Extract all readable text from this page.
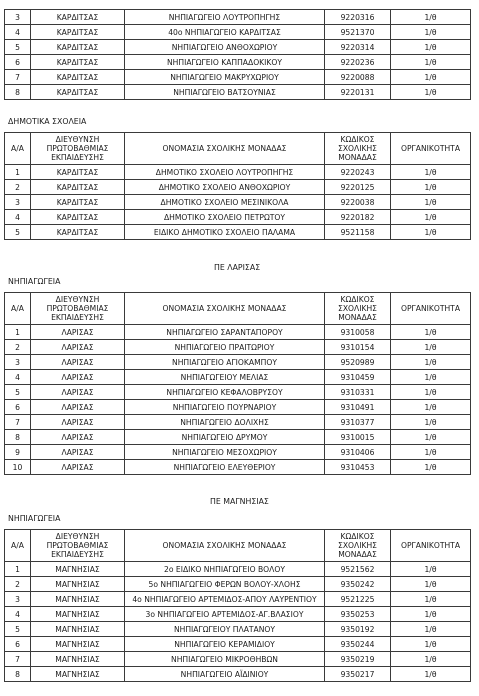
3	ΚΑΡΔΙΤΣΑΣ	ΝΗΠΙΑΓΩΓΕΙΟ ΛΟΥΤΡΟΠΗΓΗΣ	9220316	1/θ
4	ΚΑΡΔΙΤΣΑΣ	40ο ΝΗΠΙΑΓΩΓΕΙΟ ΚΑΡΔΙΤΣΑΣ	9521370	1/θ
5	ΚΑΡΔΙΤΣΑΣ	ΝΗΠΙΑΓΩΓΕΙΟ ΑΝΘΟΧΩΡΙΟΥ	9220314	1/θ
6	ΚΑΡΔΙΤΣΑΣ	ΝΗΠΙΑΓΩΓΕΙΟ ΚΑΠΠΑΔΟΚΙΚΟΥ	9220236	1/θ
7	ΚΑΡΔΙΤΣΑΣ	ΝΗΠΙΑΓΩΓΕΙΟ ΜΑΚΡΥΧΩΡΙΟΥ	9220088	1/θ
8	ΚΑΡΔΙΤΣΑΣ	ΝΗΠΙΑΓΩΓΕΙΟ ΒΑΤΣΟΥΝΙΑΣ	9220131	1/θ
ΔΗΜΟΤΙΚΑ ΣΧΟΛΕΙΑ
Α/Α	ΔΙΕΥΘΥΝΣΗ ΠΡΩΤΟΒΑΘΜΙΑΣ ΕΚΠΑΙΔΕΥΣΗΣ	ΟΝΟΜΑΣΙΑ ΣΧΟΛΙΚΗΣ ΜΟΝΑΔΑΣ	ΚΩΔΙΚΟΣ ΣΧΟΛΙΚΗΣ ΜΟΝΑΔΑΣ	ΟΡΓΑΝΙΚΟΤΗΤΑ
1	ΚΑΡΔΙΤΣΑΣ	ΔΗΜΟΤΙΚΟ ΣΧΟΛΕΙΟ ΛΟΥΤΡΟΠΗΓΗΣ	9220243	1/θ
2	ΚΑΡΔΙΤΣΑΣ	ΔΗΜΟΤΙΚΟ ΣΧΟΛΕΙΟ ΑΝΘΟΧΩΡΙΟΥ	9220125	1/θ
3	ΚΑΡΔΙΤΣΑΣ	ΔΗΜΟΤΙΚΟ ΣΧΟΛΕΙΟ ΜΕΣΙΝΙΚΟΛΑ	9220038	1/θ
4	ΚΑΡΔΙΤΣΑΣ	ΔΗΜΟΤΙΚΟ ΣΧΟΛΕΙΟ ΠΕΤΡΩΤΟΥ	9220182	1/θ
5	ΚΑΡΔΙΤΣΑΣ	ΕΙΔΙΚΟ ΔΗΜΟΤΙΚΟ ΣΧΟΛΕΙΟ ΠΑΛΑΜΑ	9521158	1/θ
ΠΕ ΛΑΡΙΣΑΣ
ΝΗΠΙΑΓΩΓΕΙΑ
Α/Α	ΔΙΕΥΘΥΝΣΗ ΠΡΩΤΟΒΑΘΜΙΑΣ ΕΚΠΑΙΔΕΥΣΗΣ	ΟΝΟΜΑΣΙΑ ΣΧΟΛΙΚΗΣ ΜΟΝΑΔΑΣ	ΚΩΔΙΚΟΣ ΣΧΟΛΙΚΗΣ ΜΟΝΑΔΑΣ	ΟΡΓΑΝΙΚΟΤΗΤΑ
1	ΛΑΡΙΣΑΣ	ΝΗΠΙΑΓΩΓΕΙΟ ΣΑΡΑΝΤΑΠΟΡΟΥ	9310058	1/θ
2	ΛΑΡΙΣΑΣ	ΝΗΠΙΑΓΩΓΕΙΟ ΠΡΑΙΤΩΡΙΟΥ	9310154	1/θ
3	ΛΑΡΙΣΑΣ	ΝΗΠΙΑΓΩΓΕΙΟ ΑΓΙΟΚΑΜΠΟΥ	9520989	1/θ
4	ΛΑΡΙΣΑΣ	ΝΗΠΙΑΓΩΓΕΙΟΥ ΜΕΛΙΑΣ	9310459	1/θ
5	ΛΑΡΙΣΑΣ	ΝΗΠΙΑΓΩΓΕΙΟ ΚΕΦΑΛΟΒΡΥΣΟΥ	9310331	1/θ
6	ΛΑΡΙΣΑΣ	ΝΗΠΙΑΓΩΓΕΙΟ ΠΟΥΡΝΑΡΙΟΥ	9310491	1/θ
7	ΛΑΡΙΣΑΣ	ΝΗΠΙΑΓΩΓΕΙΟ ΔΟΛΙΧΗΣ	9310377	1/θ
8	ΛΑΡΙΣΑΣ	ΝΗΠΙΑΓΩΓΕΙΟ ΔΡΥΜΟΥ	9310015	1/θ
9	ΛΑΡΙΣΑΣ	ΝΗΠΙΑΓΩΓΕΙΟ ΜΕΣΟΧΩΡΙΟΥ	9310406	1/θ
10	ΛΑΡΙΣΑΣ	ΝΗΠΙΑΓΩΓΕΙΟ ΕΛΕΥΘΕΡΙΟΥ	9310453	1/θ
ΠΕ ΜΑΓΝΗΣΙΑΣ
ΝΗΠΙΑΓΩΓΕΙΑ
Α/Α	ΔΙΕΥΘΥΝΣΗ ΠΡΩΤΟΒΑΘΜΙΑΣ ΕΚΠΑΙΔΕΥΣΗΣ	ΟΝΟΜΑΣΙΑ ΣΧΟΛΙΚΗΣ ΜΟΝΑΔΑΣ	ΚΩΔΙΚΟΣ ΣΧΟΛΙΚΗΣ ΜΟΝΑΔΑΣ	ΟΡΓΑΝΙΚΟΤΗΤΑ
1	ΜΑΓΝΗΣΙΑΣ	2ο ΕΙΔΙΚΟ ΝΗΠΙΑΓΩΓΕΙΟ ΒΟΛΟΥ	9521562	1/θ
2	ΜΑΓΝΗΣΙΑΣ	5ο ΝΗΠΙΑΓΩΓΕΙΟ ΦΕΡΩΝ ΒΟΛΟΥ-ΧΛΟΗΣ	9350242	1/θ
3	ΜΑΓΝΗΣΙΑΣ	4ο ΝΗΠΙΑΓΩΓΕΙΟ ΑΡΤΕΜΙΔΟΣ-ΑΠΟΥ ΛΑΥΡΕΝΤΙΟΥ	9521225	1/θ
4	ΜΑΓΝΗΣΙΑΣ	3ο ΝΗΠΙΑΓΩΓΕΙΟ ΑΡΤΕΜΙΔΟΣ-ΑΓ.ΒΛΑΣΙΟΥ	9350253	1/θ
5	ΜΑΓΝΗΣΙΑΣ	ΝΗΠΙΑΓΩΓΕΙΟΥ ΠΛΑΤΑΝΟΥ	9350192	1/θ
6	ΜΑΓΝΗΣΙΑΣ	ΝΗΠΙΑΓΩΓΕΙΟ ΚΕΡΑΜΙΔΙΟΥ	9350244	1/θ
7	ΜΑΓΝΗΣΙΑΣ	ΝΗΠΙΑΓΩΓΕΙΟ ΜΙΚΡΟΘΗΒΩΝ	9350219	1/θ
8	ΜΑΓΝΗΣΙΑΣ	ΝΗΠΙΑΓΩΓΕΙΟ ΑΪΔΙΝΙΟΥ	9350217	1/θ
